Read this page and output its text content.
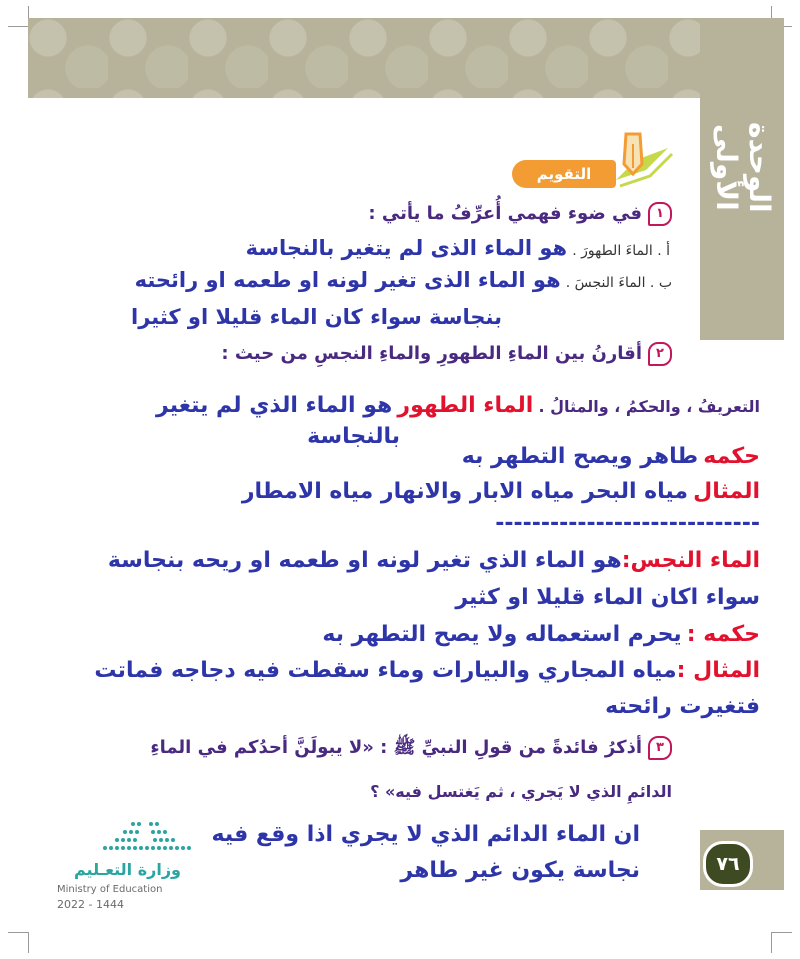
الوحدة الأولى
التقويم
١في ضوء فهمي أُعرِّفُ ما يأتي :
أ . الماءَ الطهورَ . هو الماء الذى لم يتغير بالنجاسة
ب . الماءَ النجسَ . هو الماء الذى تغير لونه او طعمه او رائحته
بنجاسة سواء كان الماء قليلا او كثيرا
٢أقارنُ بين الماءِ الطهورِ والماءِ النجسِ من حيث :
التعريفُ ، والحكمُ ، والمثالُ . الماء الطهور هو الماء الذي لم يتغير
بالنجاسة
حكمه طاهر ويصح التطهر به
المثال مياه البحر مياه الابار والانهار مياه الامطار
-----------------------------
الماء النجس:هو الماء الذي تغير لونه او طعمه او ريحه بنجاسة
سواء اكان الماء قليلا او كثير
حكمه : يحرم استعماله ولا يصح التطهر به
المثال :مياه المجاري والبيارات وماء سقطت فيه دجاجه فماتت
فتغيرت رائحته
٣أذكرُ فائدةً من قولِ النبيِّ ﷺ : «لا يبولَنَّ أحدُكم في الماءِ
الدائمِ الذي لا يَجري ، ثم يَغتسل فيه» ؟
ان الماء الدائم الذي لا يجري اذا وقع فيه
نجاسة يكون غير طاهر	٧٦
وزارة التعـليم
Ministry of Education
2022 - 1444
